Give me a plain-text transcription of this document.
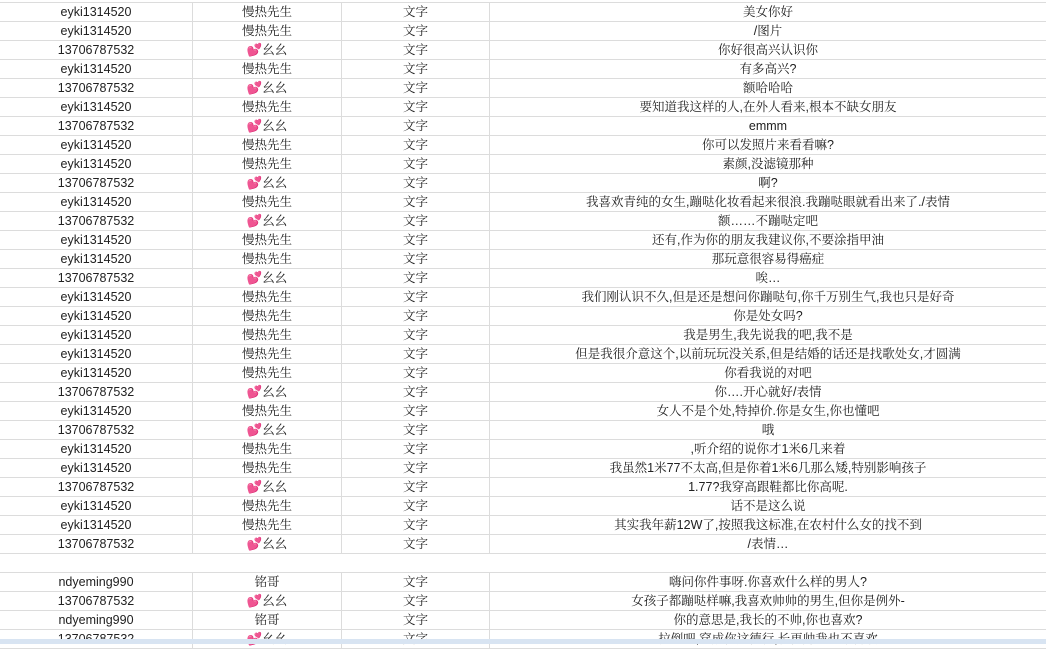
eyki1314520	慢热先生	文字	美女你好
eyki1314520	慢热先生	文字	/图片
13706787532	💕幺幺	文字	你好很高兴认识你
eyki1314520	慢热先生	文字	有多高兴?
13706787532	💕幺幺	文字	额哈哈哈
eyki1314520	慢热先生	文字	要知道我这样的人,在外人看来,根本不缺女朋友
13706787532	💕幺幺	文字	emmm
eyki1314520	慢热先生	文字	你可以发照片来看看嘛?
eyki1314520	慢热先生	文字	素颜,没滤镜那种
13706787532	💕幺幺	文字	啊?
eyki1314520	慢热先生	文字	我喜欢青纯的女生,蹦哒化妆看起来很浪.我蹦哒眼就看出来了./表情
13706787532	💕幺幺	文字	额……不蹦哒定吧
eyki1314520	慢热先生	文字	还有,作为你的朋友我建议你,不要涂指甲油
eyki1314520	慢热先生	文字	那玩意很容易得癌症
13706787532	💕幺幺	文字	唉…
eyki1314520	慢热先生	文字	我们刚认识不久,但是还是想问你蹦哒句,你千万别生气,我也只是好奇
eyki1314520	慢热先生	文字	你是处女吗?
eyki1314520	慢热先生	文字	我是男生,我先说我的吧,我不是
eyki1314520	慢热先生	文字	但是我很介意这个,以前玩玩没关系,但是结婚的话还是找歌处女,才圆满
eyki1314520	慢热先生	文字	你看我说的对吧
13706787532	💕幺幺	文字	你….开心就好/表情
eyki1314520	慢热先生	文字	女人不是个处,特掉价.你是女生,你也懂吧
13706787532	💕幺幺	文字	哦
eyki1314520	慢热先生	文字	,听介绍的说你才1米6几来着
eyki1314520	慢热先生	文字	我虽然1米77不太高,但是你着1米6几那么矮,特别影响孩子
13706787532	💕幺幺	文字	1.77?我穿高跟鞋都比你高呢.
eyki1314520	慢热先生	文字	话不是这么说
eyki1314520	慢热先生	文字	其实我年薪12W了,按照我这标准,在农村什么女的找不到
13706787532	💕幺幺	文字	/表情…
ndyeming990	铭哥	文字	嗨问你件事呀.你喜欢什么样的男人?
13706787532	💕幺幺	文字	女孩子都蹦哒样嘛,我喜欢帅帅的男生,但你是例外-
ndyeming990	铭哥	文字	你的意思是,我长的不帅,你也喜欢?
